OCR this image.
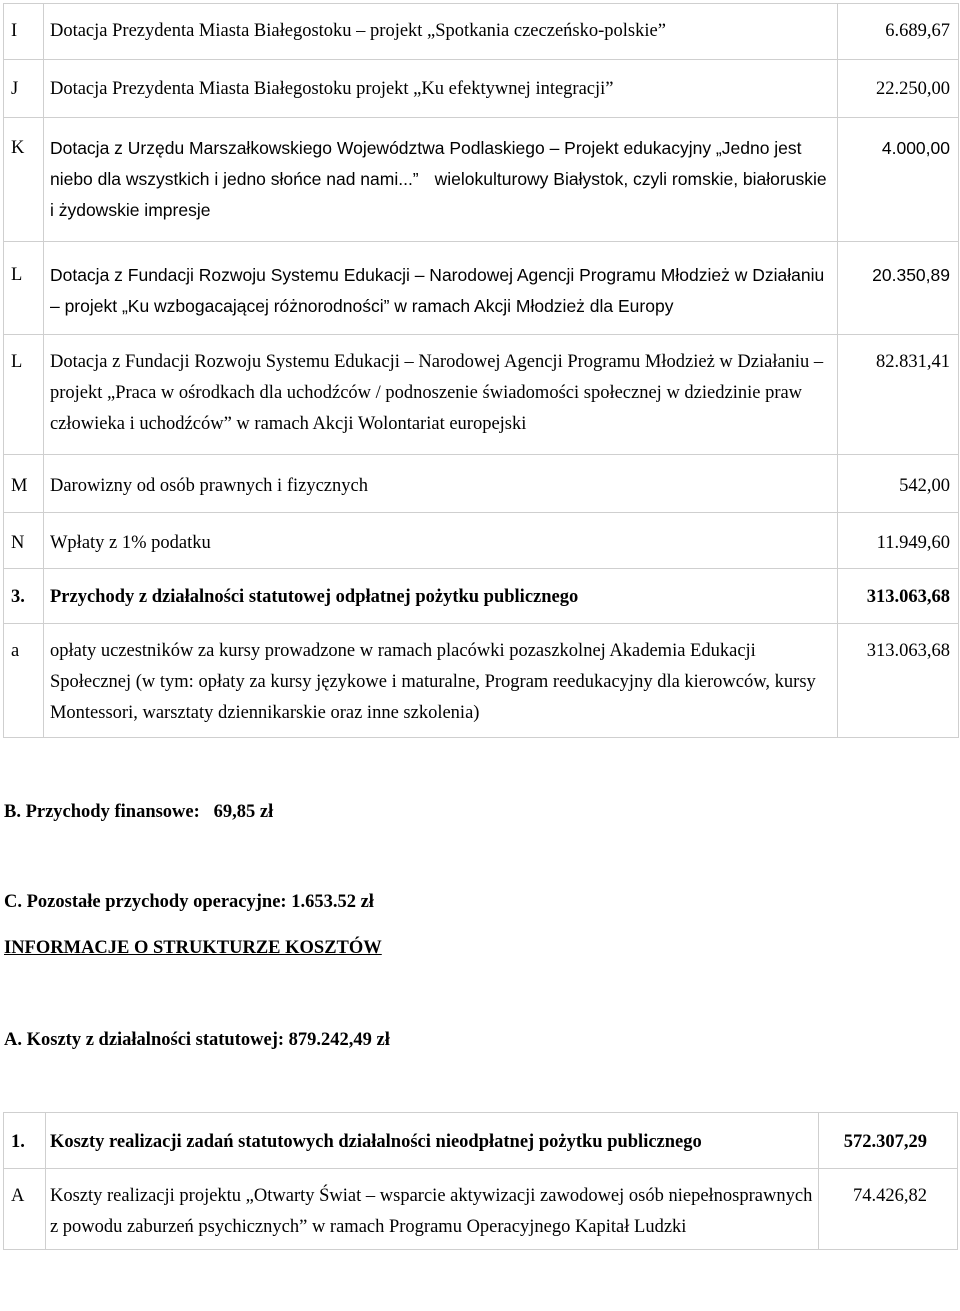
I	Dotacja Prezydenta Miasta Białegostoku – projekt „Spotkania czeczeńsko-polskie”	6.689,67
J	Dotacja Prezydenta Miasta Białegostoku projekt „Ku efektywnej integracji”	22.250,00
K	Dotacja z Urzędu Marszałkowskiego Województwa Podlaskiego – Projekt edukacyjny „Jedno jest niebo dla wszystkich i jedno słońce nad nami...” wielokulturowy Białystok, czyli romskie, białoruskie i żydowskie impresje	4.000,00
L	Dotacja z Fundacji Rozwoju Systemu Edukacji – Narodowej Agencji Programu Młodzież w Działaniu – projekt „Ku wzbogacającej różnorodności” w ramach Akcji Młodzież dla Europy	20.350,89
L	Dotacja z Fundacji Rozwoju Systemu Edukacji – Narodowej Agencji Programu Młodzież w Działaniu – projekt „Praca w ośrodkach dla uchodźców / podnoszenie świadomości społecznej w dziedzinie praw człowieka i uchodźców” w ramach Akcji Wolontariat europejski	82.831,41
M	Darowizny od osób prawnych i fizycznych	542,00
N	Wpłaty z 1% podatku	11.949,60
3.	Przychody z działalności statutowej odpłatnej pożytku publicznego	313.063,68
a	opłaty uczestników za kursy prowadzone w ramach placówki pozaszkolnej Akademia Edukacji Społecznej (w tym: opłaty za kursy językowe i maturalne, Program reedukacyjny dla kierowców, kursy Montessori, warsztaty dziennikarskie oraz inne szkolenia)	313.063,68
B. Przychody finansowe: 69,85 zł
C. Pozostałe przychody operacyjne: 1.653.52 zł
INFORMACJE O STRUKTURZE KOSZTÓW
A. Koszty z działalności statutowej: 879.242,49 zł
1.	Koszty realizacji zadań statutowych działalności nieodpłatnej pożytku publicznego	572.307,29
A	Koszty realizacji projektu „Otwarty Świat – wsparcie aktywizacji zawodowej osób niepełnosprawnych z powodu zaburzeń psychicznych” w ramach Programu Operacyjnego Kapitał Ludzki	74.426,82
